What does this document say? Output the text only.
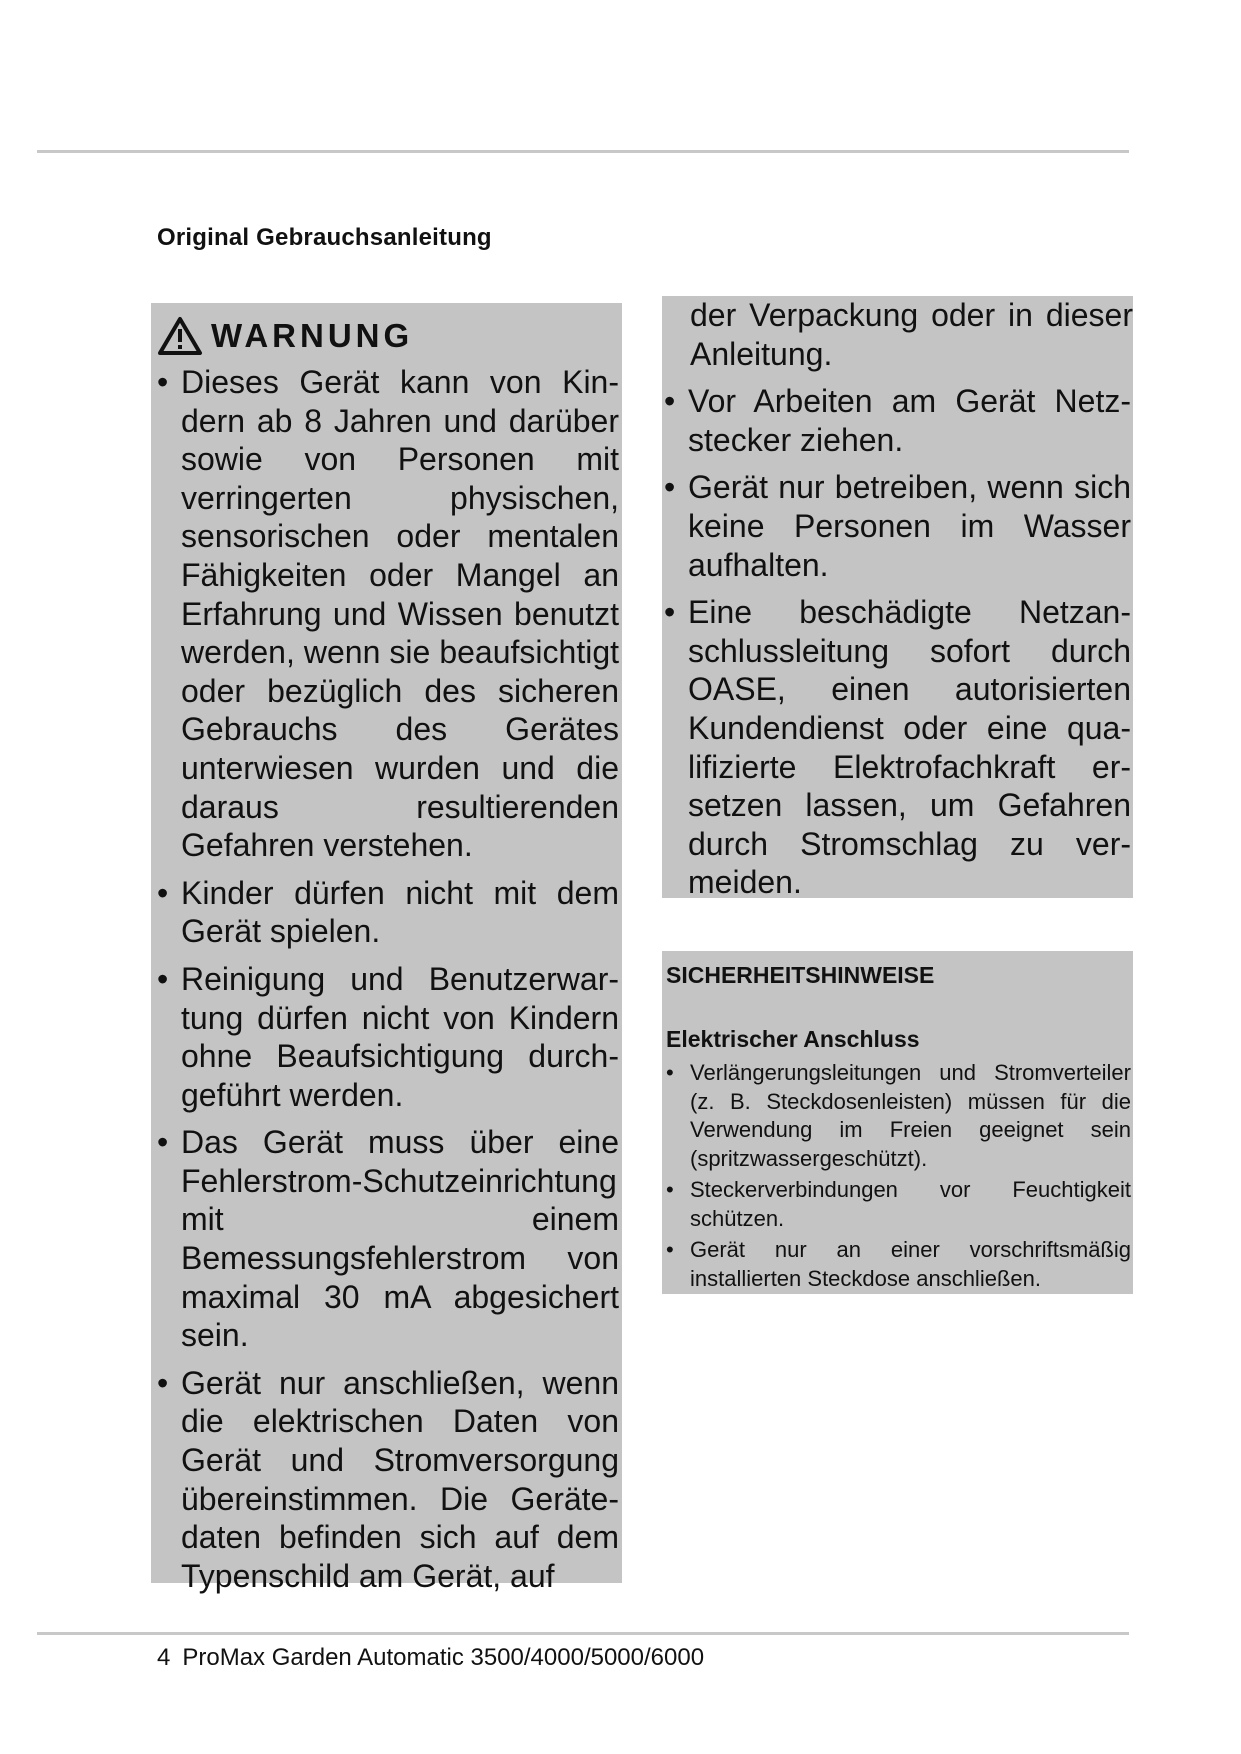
Original Gebrauchsanleitung
WARNUNG
• Dieses Gerät kann von Kindern ab 8 Jahren und darüber sowie von Personen mit verringerten physischen, sensorischen oder mentalen Fähigkeiten oder Mangel an Erfahrung und Wissen benutzt werden, wenn sie beaufsichtigt oder bezüglich des sicheren Gebrauchs des Gerätes unterwiesen wurden und die daraus resultierenden Gefahren verstehen.
• Kinder dürfen nicht mit dem Gerät spielen.
• Reinigung und Benutzerwartung dürfen nicht von Kindern ohne Beaufsichtigung durchgeführt werden.
• Das Gerät muss über eine Fehlerstrom-Schutzeinrichtung mit einem Bemessungsfehlerstrom von maximal 30 mA abgesichert sein.
• Gerät nur anschließen, wenn die elektrischen Daten von Gerät und Stromversorgung übereinstimmen. Die Gerätedaten befinden sich auf dem Typenschild am Gerät, auf
der Verpackung oder in dieser Anleitung.
• Vor Arbeiten am Gerät Netzstecker ziehen.
• Gerät nur betreiben, wenn sich keine Personen im Wasser aufhalten.
• Eine beschädigte Netzanschlussleitung sofort durch OASE, einen autorisierten Kundendienst oder eine qualifizierte Elektrofachkraft ersetzen lassen, um Gefahren durch Stromschlag zu vermeiden.
SICHERHEITSHINWEISE
Elektrischer Anschluss
• Verlängerungsleitungen und Stromverteiler (z. B. Steckdosenleisten) müssen für die Verwendung im Freien geeignet sein (spritzwassergeschützt).
• Steckerverbindungen vor Feuchtigkeit schützen.
• Gerät nur an einer vorschriftsmäßig installierten Steckdose anschließen.
4 ProMax Garden Automatic 3500/4000/5000/6000
